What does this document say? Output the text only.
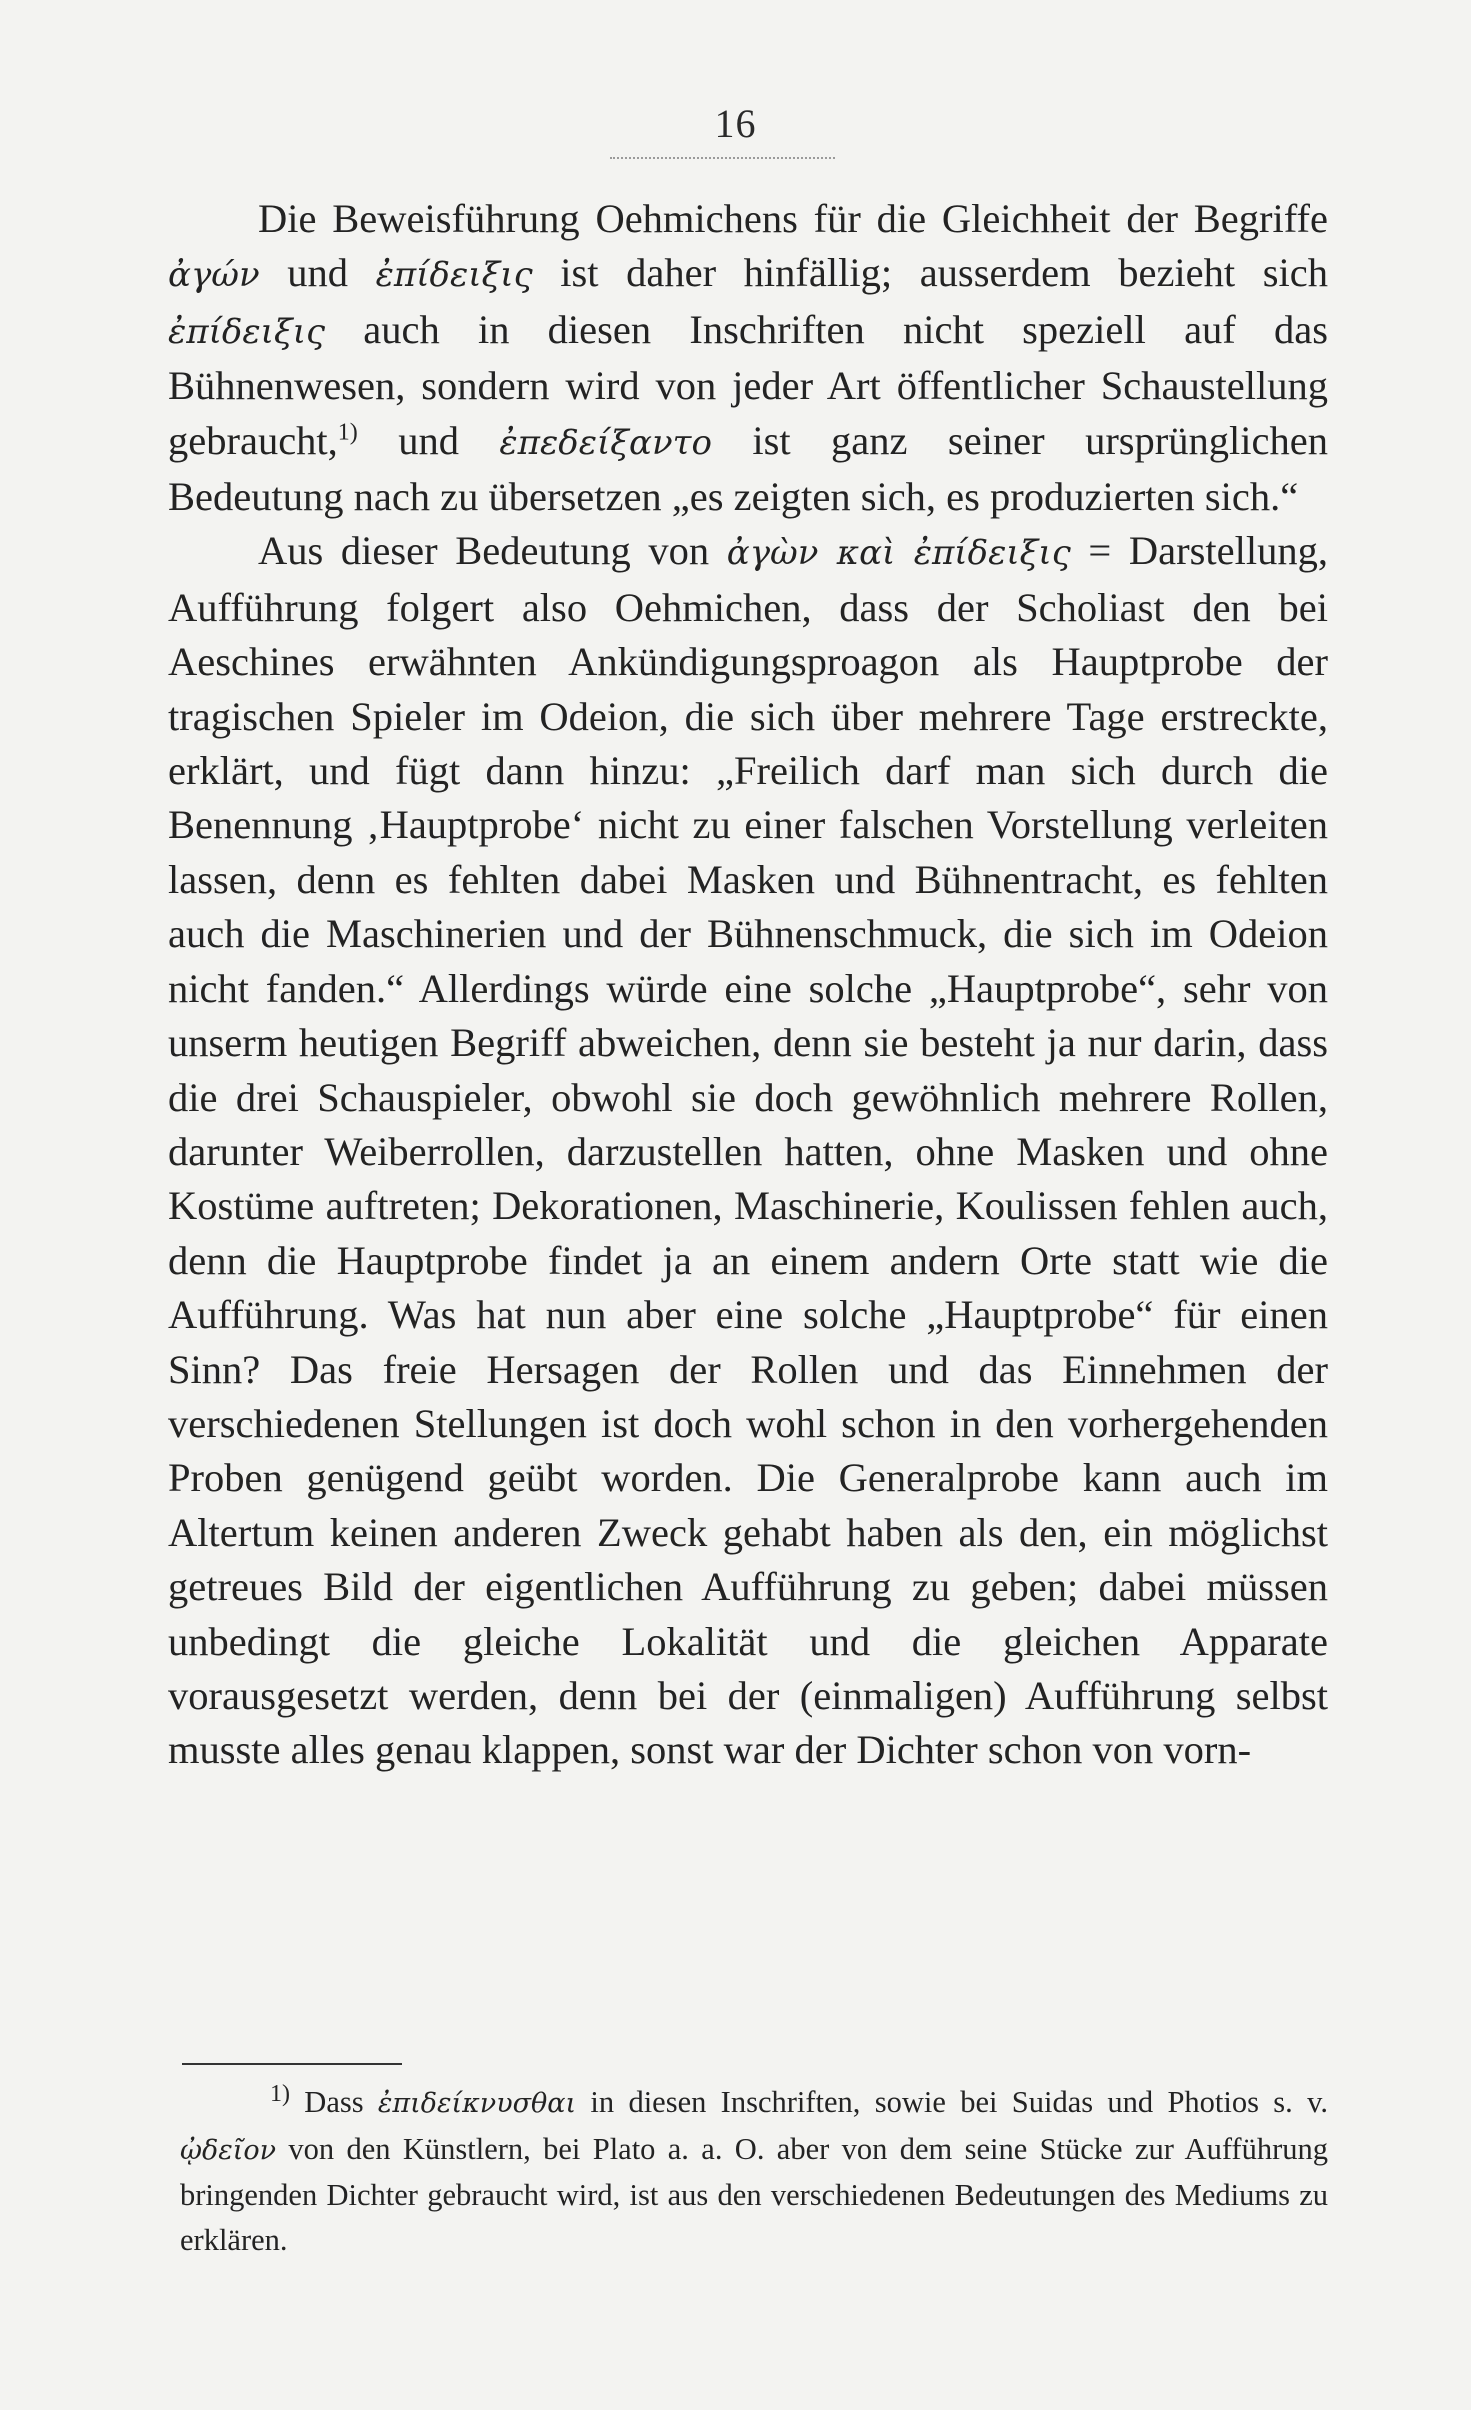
16

Die Beweisführung Oehmichens für die Gleichheit der Begriffe ἀγών und ἐπίδειξις ist daher hinfällig; ausserdem bezieht sich ἐπίδειξις auch in diesen Inschriften nicht speziell auf das Bühnenwesen, sondern wird von jeder Art öffentlicher Schaustellung gebraucht,$^{1)}$ und ἐπεδείξαντο ist ganz seiner ursprünglichen Bedeutung nach zu übersetzen „es zeigten sich, es produzierten sich.“

Aus dieser Bedeutung von ἀγὼν καὶ ἐπίδειξις = Darstellung, Aufführung folgert also Oehmichen, dass der Scholiast den bei Aeschines erwähnten Ankündigungsproagon als Hauptprobe der tragischen Spieler im Odeion, die sich über mehrere Tage erstreckte, erklärt, und fügt dann hinzu: „Freilich darf man sich durch die Benennung ‚Hauptprobe‘ nicht zu einer falschen Vorstellung verleiten lassen, denn es fehlten dabei Masken und Bühnentracht, es fehlten auch die Maschinerien und der Bühnenschmuck, die sich im Odeion nicht fanden.“ Allerdings würde eine solche „Hauptprobe“, sehr von unserm heutigen Begriff abweichen, denn sie besteht ja nur darin, dass die drei Schauspieler, obwohl sie doch gewöhnlich mehrere Rollen, darunter Weiberrollen, darzustellen hatten, ohne Masken und ohne Kostüme auftreten; Dekorationen, Maschinerie, Koulissen fehlen auch, denn die Hauptprobe findet ja an einem andern Orte statt wie die Aufführung. Was hat nun aber eine solche „Hauptprobe“ für einen Sinn? Das freie Hersagen der Rollen und das Einnehmen der verschiedenen Stellungen ist doch wohl schon in den vorhergehenden Proben genügend geübt worden. Die Generalprobe kann auch im Altertum keinen anderen Zweck gehabt haben als den, ein möglichst getreues Bild der eigentlichen Aufführung zu geben; dabei müssen unbedingt die gleiche Lokalität und die gleichen Apparate vorausgesetzt werden, denn bei der (einmaligen) Aufführung selbst musste alles genau klappen, sonst war der Dichter schon von vorn-

$^{1)}$ Dass ἐπιδείκνυσθαι in diesen Inschriften, sowie bei Suidas und Photios s. v. ᾠδεῖον von den Künstlern, bei Plato a. a. O. aber von dem seine Stücke zur Aufführung bringenden Dichter gebraucht wird, ist aus den verschiedenen Bedeutungen des Mediums zu erklären.
